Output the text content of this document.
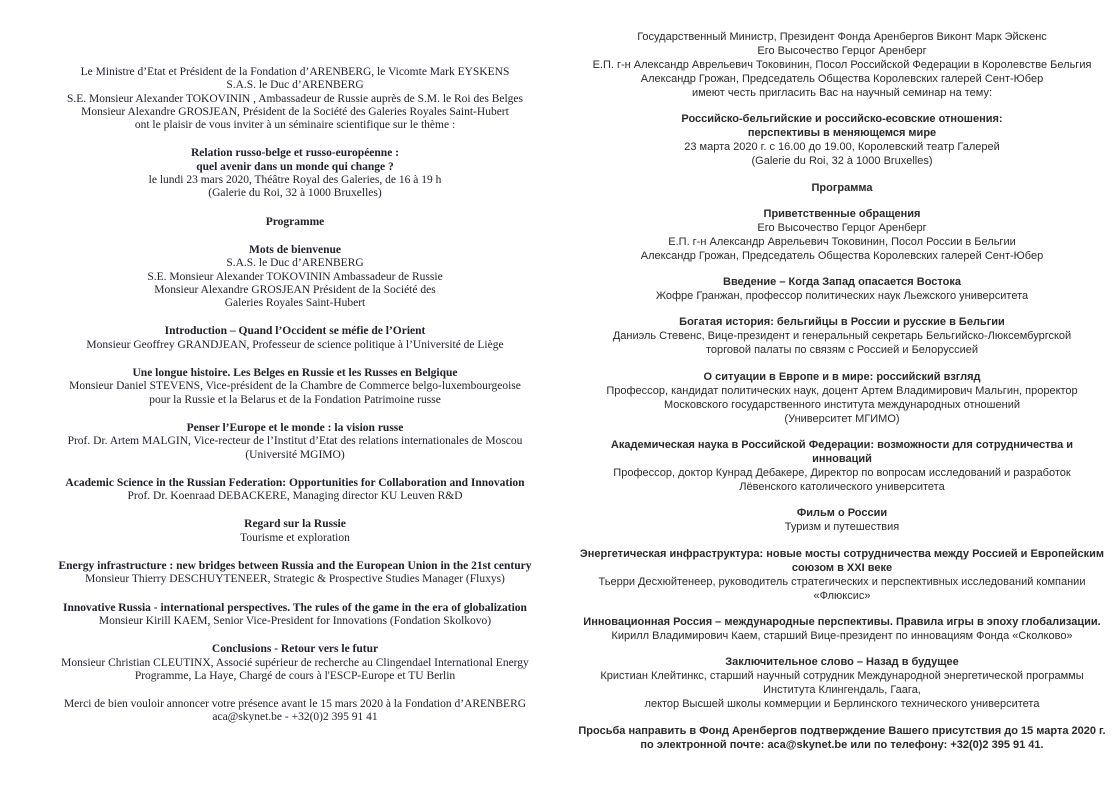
Le Ministre d’Etat et Président de la Fondation d’ARENBERG, le Vicomte Mark EYSKENS
S.A.S. le Duc d’ARENBERG
S.E. Monsieur Alexander TOKOVININ , Ambassadeur de Russie auprès de S.M. le Roi des Belges
Monsieur Alexandre GROSJEAN, Président de la Société des Galeries Royales Saint-Hubert
ont le plaisir de vous inviter à un séminaire scientifique sur le thème :
Relation russo-belge et russo-européenne :
quel avenir dans un monde qui change ?
le lundi 23 mars 2020, Théâtre Royal des Galeries, de 16 à 19 h
(Galerie du Roi, 32 à 1000 Bruxelles)
Programme
Mots de bienvenue
S.A.S. le Duc d’ARENBERG
S.E. Monsieur Alexander TOKOVININ Ambassadeur de Russie
Monsieur Alexandre GROSJEAN Président de la Société des
Galeries Royales Saint-Hubert
Introduction – Quand l’Occident se méfie de l’Orient
Monsieur Geoffrey GRANDJEAN, Professeur de science politique à l’Université de Liège
Une longue histoire. Les Belges en Russie et les Russes en Belgique
Monsieur Daniel STEVENS, Vice-président de la Chambre de Commerce belgo-luxembourgeoise
pour la Russie et la Belarus et de la Fondation Patrimoine russe
Penser l’Europe et le monde : la vision russe
Prof. Dr. Artem MALGIN, Vice-recteur de l’Institut d’Etat des relations internationales de Moscou
(Université MGIMO)
Academic Science in the Russian Federation: Opportunities for Collaboration and Innovation
Prof. Dr. Koenraad DEBACKERE, Managing director KU Leuven R&D
Regard sur la Russie
Tourisme et exploration
Energy infrastructure : new bridges between Russia and the European Union in the 21st century
Monsieur Thierry DESCHUYTENEER, Strategic & Prospective Studies Manager (Fluxys)
Innovative Russia - international perspectives. The rules of the game in the era of globalization
Monsieur Kirill KAEM, Senior Vice-President for Innovations (Fondation Skolkovo)
Conclusions - Retour vers le futur
Monsieur Christian CLEUTINX, Associé supérieur de recherche au Clingendael International Energy
Programme, La Haye, Chargé de cours à l'ESCP-Europe et TU Berlin
Merci de bien vouloir annoncer votre présence avant le 15 mars 2020 à la Fondation d’ARENBERG
aca@skynet.be - +32(0)2 395 91 41
Государственный Министр, Президент Фонда Аренбергов Виконт Марк Эйскенс
Его Высочество Герцог Аренберг
Е.П. г-н Александр Аврельевич Токовинин, Посол Российской Федерации в Королевстве Бельгия
Александр Грожан, Председатель Общества Королевских галерей Сент-Юбер
имеют честь пригласить Вас на научный семинар на тему:
Российско-бельгийские и российско-есовские отношения:
перспективы в меняющемся мире
23 марта 2020 г. с 16.00 до 19.00, Королевский театр Галерей
(Galerie du Roi, 32 à 1000 Bruxelles)
Программа
Приветственные обращения
Его Высочество Герцог Аренберг
Е.П. г-н Александр Аврельевич Токовинин, Посол России в Бельгии
Александр Грожан, Председатель Общества Королевских галерей Сент-Юбер
Введение – Когда Запад опасается Востока
Жофре Гранжан, профессор политических наук Льежского университета
Богатая история: бельгийцы в России и русские в Бельгии
Даниэль Стевенс, Вице-президент и генеральный секретарь Бельгийско-Люксембургской
торговой палаты по связям с Россией и Белоруссией
О ситуации в Европе и в мире: российский взгляд
Профессор, кандидат политических наук, доцент Артем Владимирович Мальгин, проректор
Московского государственного института международных отношений
(Университет МГИМО)
Академическая наука в Российской Федерации: возможности для сотрудничества и
инноваций
Профессор, доктор Кунрад Дебакере, Директор по вопросам исследований и разработок
Лёвенского католического университета
Фильм о России
Туризм и путешествия
Энергетическая инфраструктура: новые мосты сотрудничества между Россией и Европейским
союзом в XXI веке
Тьерри Десхюйтенеер, руководитель стратегических и перспективных исследований компании
«Флюксис»
Инновационная Россия – международные перспективы. Правила игры в эпоху глобализации.
Кирилл Владимирович Каем, старший Вице-президент по инновациям Фонда «Сколково»
Заключительное слово – Назад в будущее
Кристиан Клейтинкс, старший научный сотрудник Международной энергетической программы
Института Клингендаль, Гаага,
лектор Высшей школы коммерции и Берлинского технического университета
Просьба направить в Фонд Аренбергов подтверждение Вашего присутствия до 15 марта 2020 г.
по электронной почте: aca@skynet.be или по телефону: +32(0)2 395 91 41.
